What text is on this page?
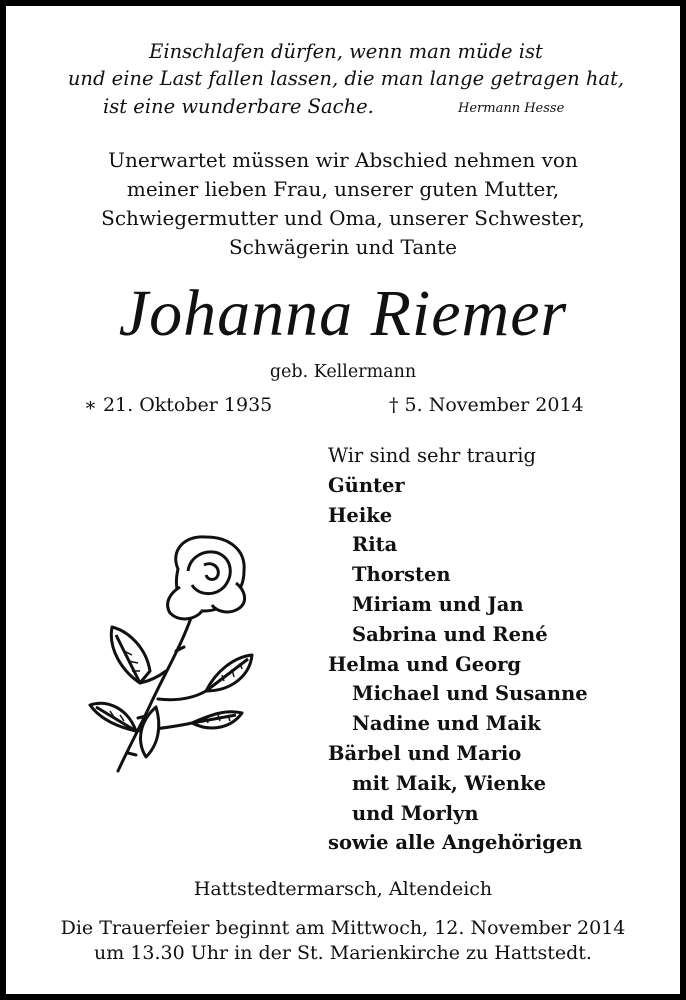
Einschlafen dürfen, wenn man müde ist
und eine Last fallen lassen, die man lange getragen hat,
ist eine wunderbare Sache.	Hermann Hesse
Unerwartet müssen wir Abschied nehmen von
meiner lieben Frau, unserer guten Mutter,
Schwiegermutter und Oma, unserer Schwester,
Schwägerin und Tante
Johanna Riemer
geb. Kellermann
∗ 21. Oktober 1935	† 5. November 2014
Wir sind sehr traurig
Günter
Heike
Rita
Thorsten
Miriam und Jan
Sabrina und René
Helma und Georg
Michael und Susanne
Nadine und Maik
Bärbel und Mario
mit Maik, Wienke
und Morlyn
sowie alle Angehörigen
Hattstedtermarsch, Altendeich
Die Trauerfeier beginnt am Mittwoch, 12. November 2014
um 13.30 Uhr in der St. Marienkirche zu Hattstedt.
